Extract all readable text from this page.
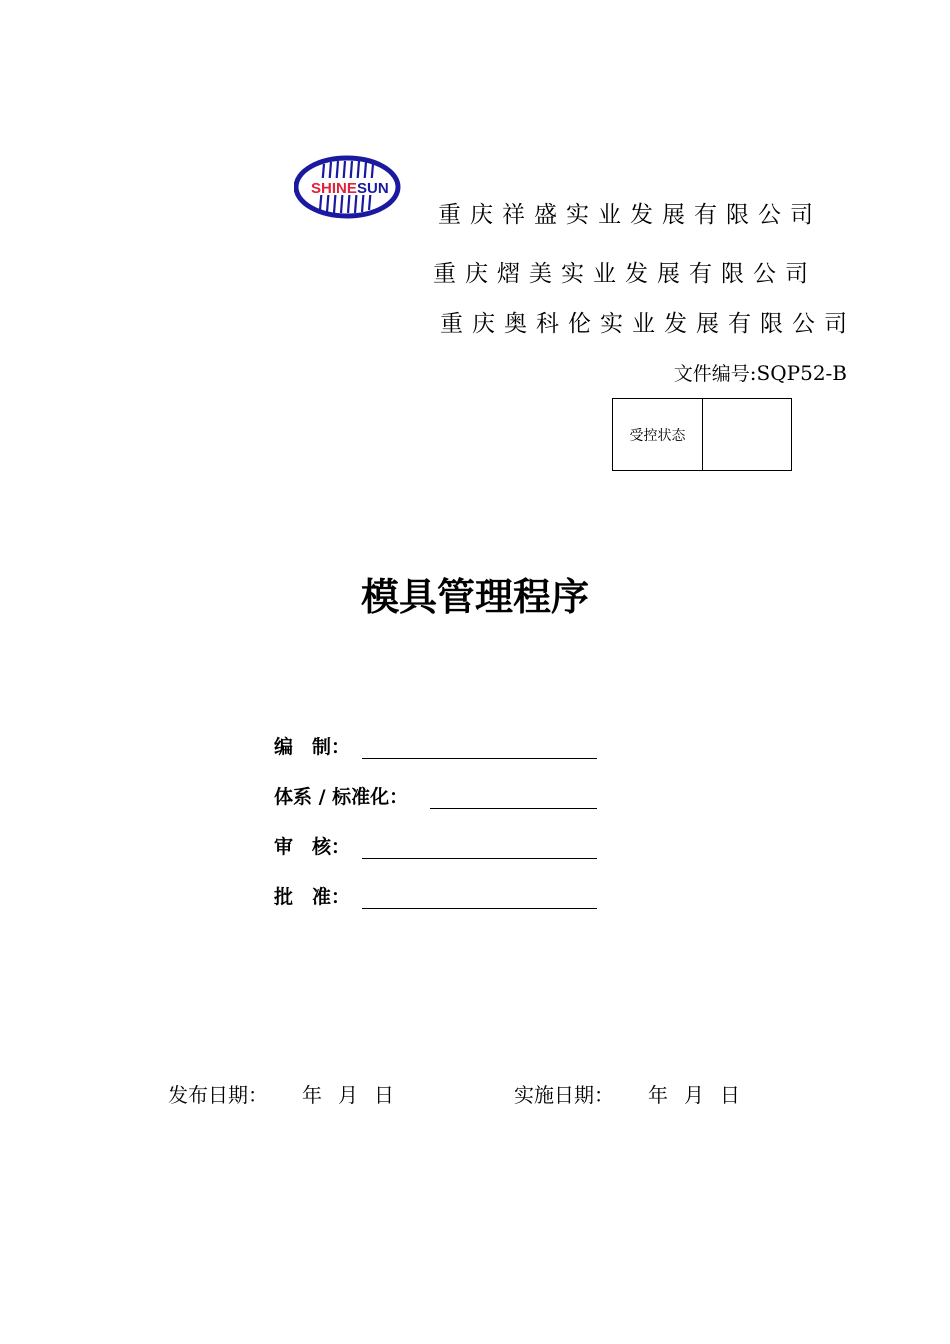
SHINE SUN
重庆祥盛实业发展有限公司
重庆熠美实业发展有限公司
重庆奥科伦实业发展有限公司
文件编号:SQP52-B
受控状态
模具管理程序
编　制：
体系 / 标准化：
审　核：
批　准：
发布日期： 年 月 日	实施日期： 年 月 日
